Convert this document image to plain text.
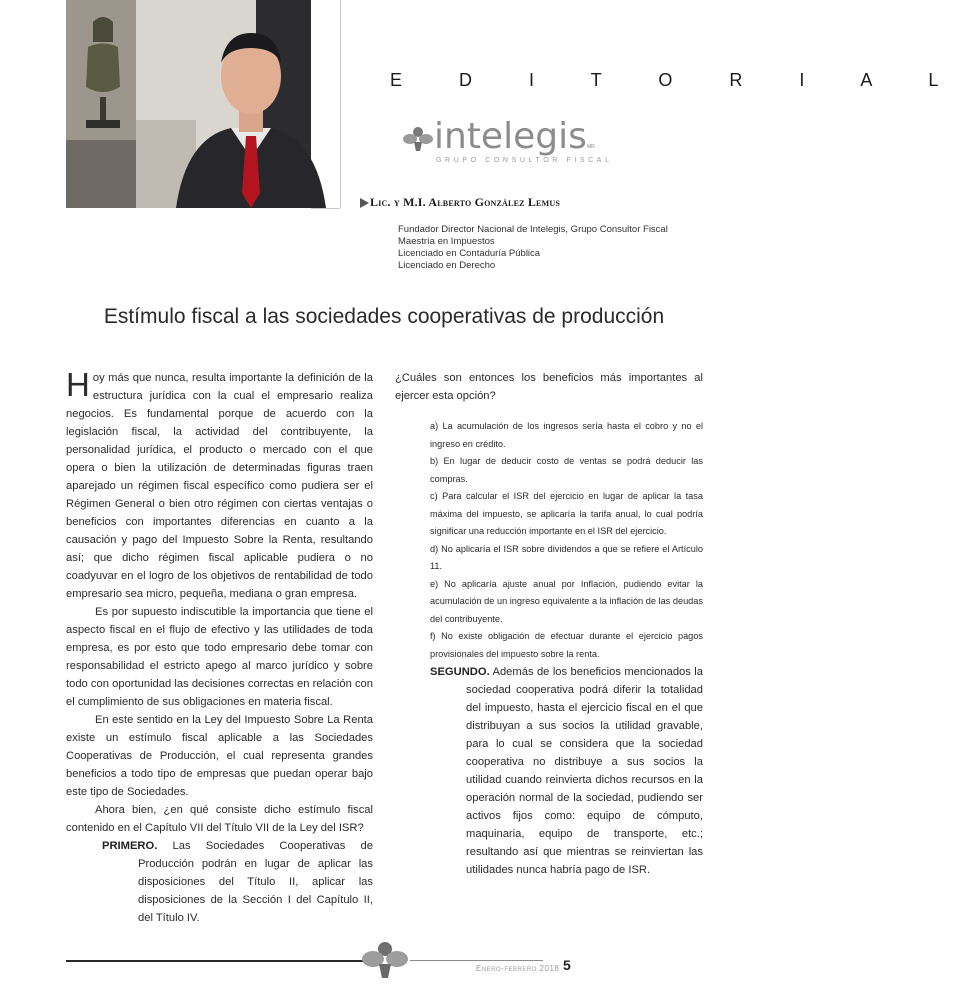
E D I T O R I A L
intelegis MR
GRUPO CONSULTOR FISCAL
Lic. y M.I. Alberto González Lemus
Fundador Director Nacional de Intelegis, Grupo Consultor Fiscal
Maestría en Impuestos
Licenciado en Contaduría Pública
Licenciado en Derecho
Estímulo fiscal a las sociedades cooperativas de producción

Hoy más que nunca, resulta importante la definición de la estructura jurídica con la cual el empresario realiza negocios. Es fundamental porque de acuerdo con la legislación fiscal, la actividad del contribuyente, la personalidad jurídica, el producto o mercado con el que opera o bien la utilización de determinadas figuras traen aparejado un régimen fiscal específico como pudiera ser el Régimen General o bien otro régimen con ciertas ventajas o beneficios con importantes diferencias en cuanto a la causación y pago del Impuesto Sobre la Renta, resultando así; que dicho régimen fiscal aplicable pudiera o no coadyuvar en el logro de los objetivos de rentabilidad de todo empresario sea micro, pequeña, mediana o gran empresa.

Es por supuesto indiscutible la importancia que tiene el aspecto fiscal en el flujo de efectivo y las utilidades de toda empresa, es por esto que todo empresario debe tomar con responsabilidad el estricto apego al marco jurídico y sobre todo con oportunidad las decisiones correctas en relación con el cumplimiento de sus obligaciones en materia fiscal.

En este sentido en la Ley del Impuesto Sobre La Renta existe un estímulo fiscal aplicable a las Sociedades Cooperativas de Producción, el cual representa grandes beneficios a todo tipo de empresas que puedan operar bajo este tipo de Sociedades.

Ahora bien, ¿en qué consiste dicho estímulo fiscal contenido en el Capítulo VII del Título VII de la Ley del ISR?

PRIMERO. Las Sociedades Cooperativas de Producción podrán en lugar de aplicar las disposiciones del Título II, aplicar las disposiciones de la Sección I del Capítulo II, del Título IV.

¿Cuáles son entonces los beneficios más importantes al ejercer esta opción?

a) La acumulación de los ingresos sería hasta el cobro y no el ingreso en crédito.
b) En lugar de deducir costo de ventas se podrá deducir las compras.
c) Para calcular el ISR del ejercicio en lugar de aplicar la tasa máxima del impuesto, se aplicaría la tarifa anual, lo cual podría significar una reducción importante en el ISR del ejercicio.
d) No aplicaría el ISR sobre dividendos a que se refiere el Artículo 11.
e) No aplicaría ajuste anual por Inflación, pudiendo evitar la acumulación de un ingreso equivalente a la inflación de las deudas del contribuyente.
f) No existe obligación de efectuar durante el ejercicio pagos provisionales del impuesto sobre la renta.

SEGUNDO. Además de los beneficios mencionados la sociedad cooperativa podrá diferir la totalidad del impuesto, hasta el ejercicio fiscal en el que distribuyan a sus socios la utilidad gravable, para lo cual se considera que la sociedad cooperativa no distribuye a sus socios la utilidad cuando reinvierta dichos recursos en la operación normal de la sociedad, pudiendo ser activos fijos como: equipo de cómputo, maquinaria, equipo de transporte, etc.; resultando así que mientras se reinviertan las utilidades nunca habría pago de ISR.

Enero-febrero 2018 5
